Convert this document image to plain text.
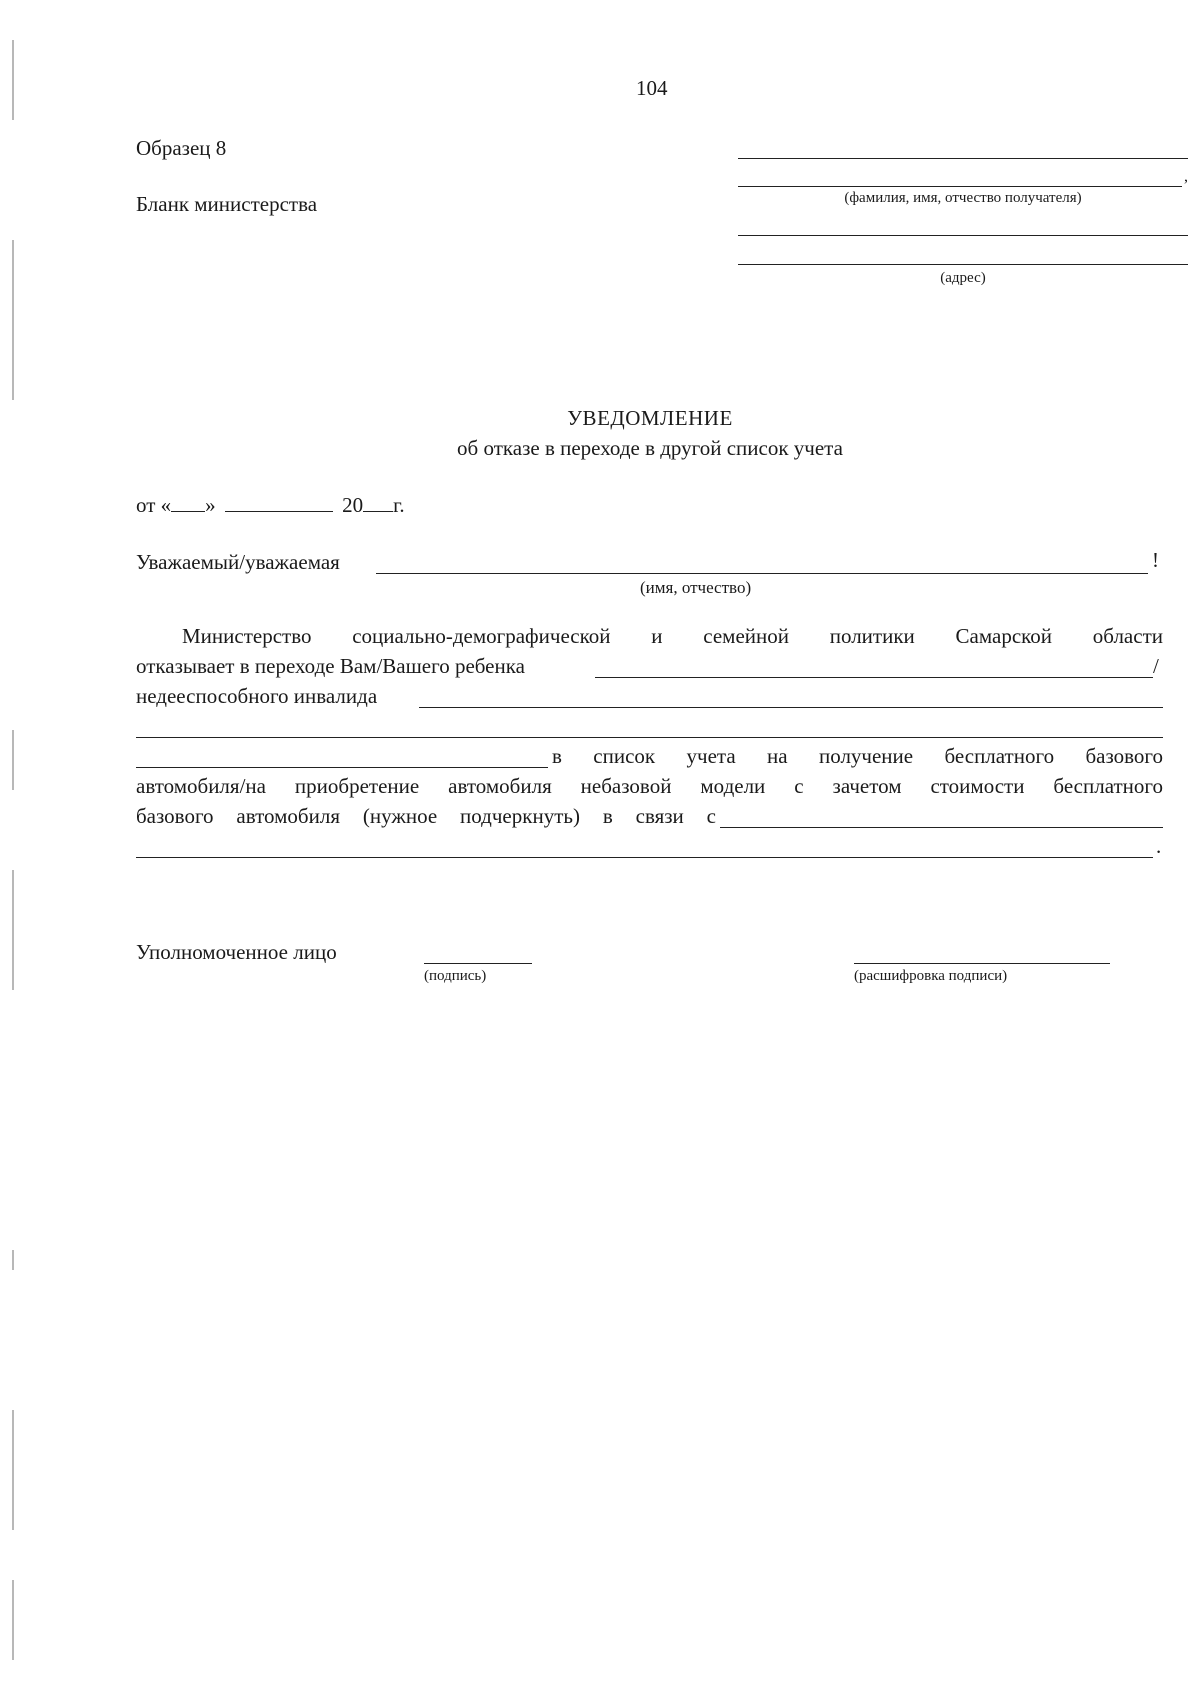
104
Образец 8
Бланк министерства
,
(фамилия, имя, отчество получателя)
(адрес)
УВЕДОМЛЕНИЕ
об отказе в переходе в другой список учета
от « »	20 г.
Уважаемый/уважаемая	!
(имя, отчество)
Министерство социально-демографической и семейной политики Самарской области
отказывает в переходе Вам/Вашего ребенка	/
недееспособного инвалида
в список учета на получение бесплатного базового
автомобиля/на приобретение автомобиля небазовой модели с зачетом стоимости бесплатного
базового автомобиля (нужное подчеркнуть) в связи с
.
Уполномоченное лицо
(подпись)	(расшифровка подписи)
